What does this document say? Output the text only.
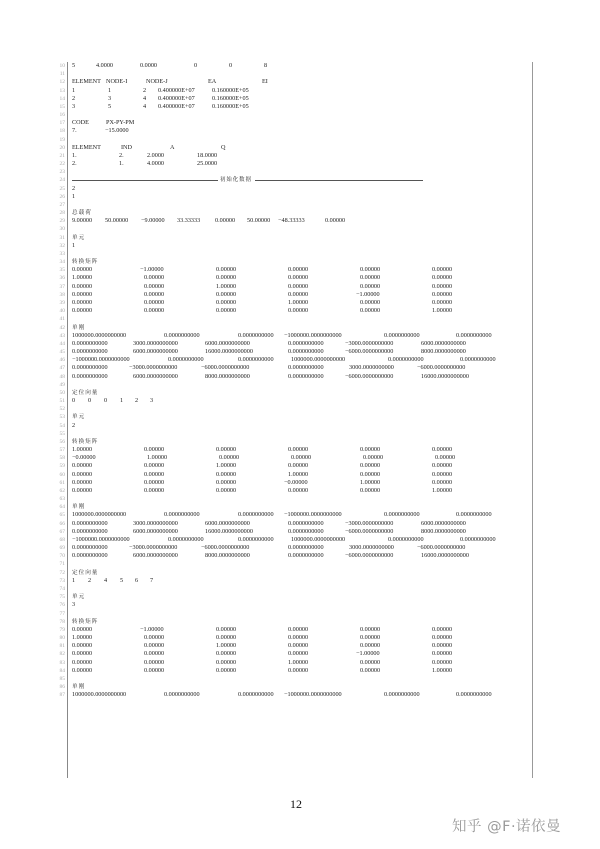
10 5	4.0000	0.0000	0	0	8
11
12 ELEMENT NODE-I	NODE-J	EA	EI
13 1	1	2 0.400000E+07	0.160000E+05
14 2	3	4 0.400000E+07	0.160000E+05
15 3	5	4 0.400000E+07	0.160000E+05
16
17 CODE	PX-PY-PM
18 7.	−15.0000
19
20 ELEMENT	IND	A	Q
21 1.	2.	2.0000	18.0000
22 2.	1.	4.0000	25.0000
23
24	初始化数据
25 2
26 1
27
28 总载荷
29 9.00000 50.00000 −9.00000 33.33333 0.00000 50.00000 −48.33333	0.00000
30
31 单元
32 1
33
34 转换矩阵
35 0.00000	−1.00000	0.00000	0.00000	0.00000	0.00000
36 1.00000	0.00000	0.00000	0.00000	0.00000	0.00000
37 0.00000	0.00000	1.00000	0.00000	0.00000	0.00000
38 0.00000	0.00000	0.00000	0.00000	−1.00000	0.00000
39 0.00000	0.00000	0.00000	1.00000	0.00000	0.00000
40 0.00000	0.00000	0.00000	0.00000	0.00000	1.00000
41
42 单刚
43 1000000.0000000000	0.0000000000	0.0000000000 −1000000.0000000000	0.0000000000	0.0000000000
44 0.0000000000	3000.0000000000	6000.0000000000	0.0000000000	−3000.0000000000	6000.0000000000
45 0.0000000000	6000.0000000000	16000.0000000000	0.0000000000	−6000.0000000000	8000.0000000000
46 −1000000.0000000000	0.0000000000	0.0000000000	1000000.0000000000	0.0000000000	0.0000000000
47 0.0000000000	−3000.0000000000	−6000.0000000000	0.0000000000	3000.0000000000	−6000.0000000000
48 0.0000000000	6000.0000000000	8000.0000000000	0.0000000000	−6000.0000000000	16000.0000000000
49
50 定位向量
51 0 0 0 1 2 3
52
53 单元
54 2
55
56 转换矩阵
57 1.00000	0.00000	0.00000	0.00000	0.00000	0.00000
58 −0.00000	1.00000	0.00000	0.00000	0.00000	0.00000
59 0.00000	0.00000	1.00000	0.00000	0.00000	0.00000
60 0.00000	0.00000	0.00000	1.00000	0.00000	0.00000
61 0.00000	0.00000	0.00000	−0.00000	1.00000	0.00000
62 0.00000	0.00000	0.00000	0.00000	0.00000	1.00000
63
64 单刚
65 1000000.0000000000	0.0000000000	0.0000000000 −1000000.0000000000	0.0000000000	0.0000000000
66 0.0000000000	3000.0000000000	6000.0000000000	0.0000000000	−3000.0000000000	6000.0000000000
67 0.0000000000	6000.0000000000	16000.0000000000	0.0000000000	−6000.0000000000	8000.0000000000
68 −1000000.0000000000	0.0000000000	0.0000000000	1000000.0000000000	0.0000000000	0.0000000000
69 0.0000000000	−3000.0000000000	−6000.0000000000	0.0000000000	3000.0000000000	−6000.0000000000
70 0.0000000000	6000.0000000000	8000.0000000000	0.0000000000	−6000.0000000000	16000.0000000000
71
72 定位向量
73 1 2 4 5 6 7
74
75 单元
76 3
77
78 转换矩阵
79 0.00000	−1.00000	0.00000	0.00000	0.00000	0.00000
80 1.00000	0.00000	0.00000	0.00000	0.00000	0.00000
81 0.00000	0.00000	1.00000	0.00000	0.00000	0.00000
82 0.00000	0.00000	0.00000	0.00000	−1.00000	0.00000
83 0.00000	0.00000	0.00000	1.00000	0.00000	0.00000
84 0.00000	0.00000	0.00000	0.00000	0.00000	1.00000
85
86 单刚
87 1000000.0000000000	0.0000000000	0.0000000000 −1000000.0000000000	0.0000000000	0.0000000000
12
知乎 @F·诺依曼
